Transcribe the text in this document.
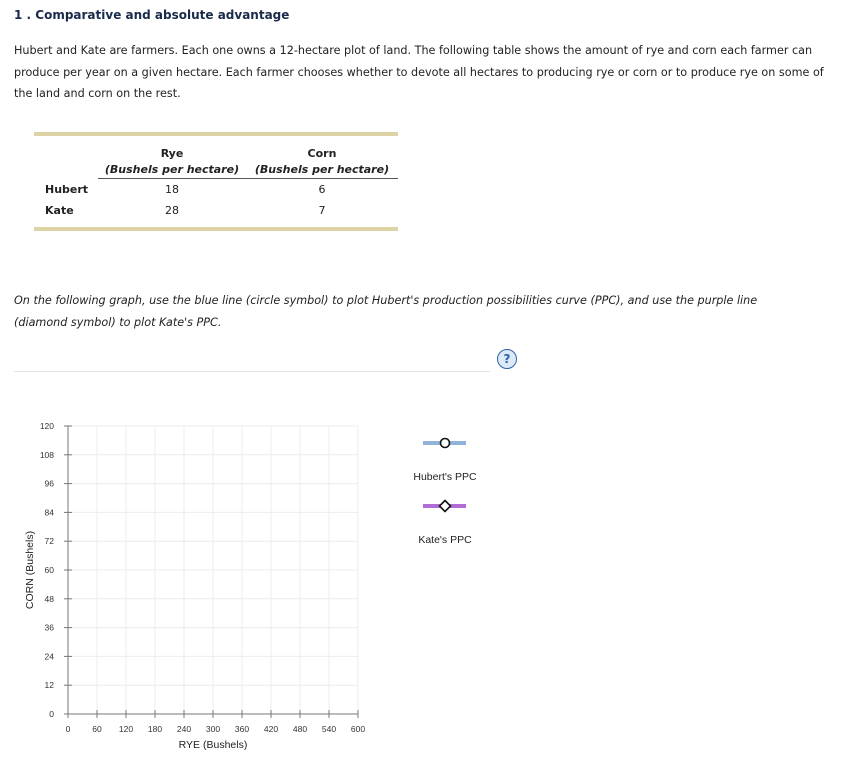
1 . Comparative and absolute advantage
Hubert and Kate are farmers. Each one owns a 12-hectare plot of land. The following table shows the amount of rye and corn each farmer can produce per year on a given hectare. Each farmer chooses whether to devote all hectares to producing rye or corn or to produce rye on some of the land and corn on the rest.
	Rye	Corn
	(Bushels per hectare)	(Bushels per hectare)
Hubert	18	6
Kate	28	7
On the following graph, use the blue line (circle symbol) to plot Hubert's production possibilities curve (PPC), and use the purple line (diamond symbol) to plot Kate's PPC.
?
0	60 120 180 240 300 360 420 480 540 600
0
12
24
36
48
60
72
84
96
108
120
RYE (Bushels)
CORN (Bushels)
Hubert's PPC
Kate's PPC
